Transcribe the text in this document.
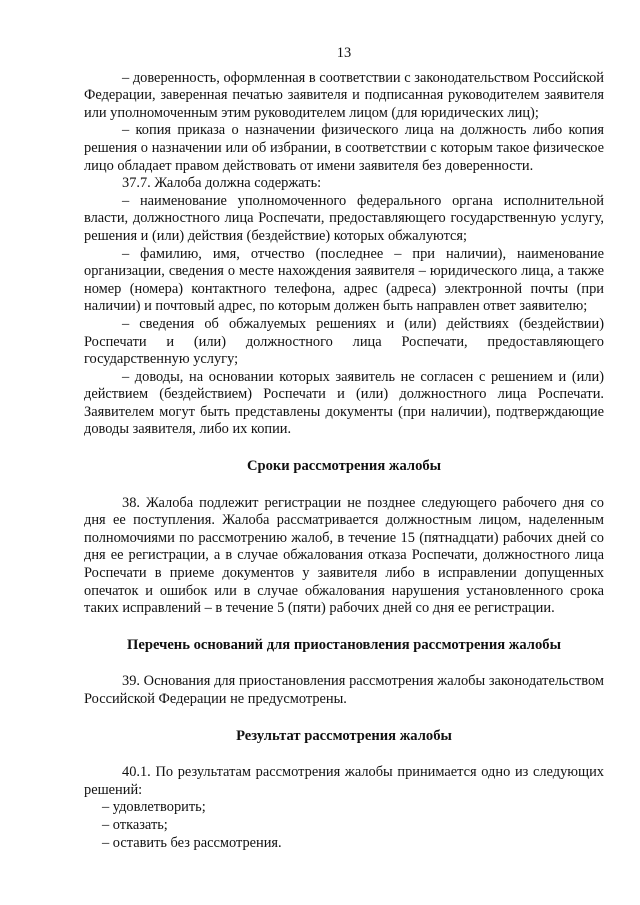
13

– доверенность, оформленная в соответствии с законодательством Российской Федерации, заверенная печатью заявителя и подписанная руководителем заявителя или уполномоченным этим руководителем лицом (для юридических лиц);

– копия приказа о назначении физического лица на должность либо копия решения о назначении или об избрании, в соответствии с которым такое физическое лицо обладает правом действовать от имени заявителя без доверенности.

37.7. Жалоба должна содержать:

– наименование уполномоченного федерального органа исполнительной власти, должностного лица Роспечати, предоставляющего государственную услугу, решения и (или) действия (бездействие) которых обжалуются;

– фамилию, имя, отчество (последнее – при наличии), наименование организации, сведения о месте нахождения заявителя – юридического лица, а также номер (номера) контактного телефона, адрес (адреса) электронной почты (при наличии) и почтовый адрес, по которым должен быть направлен ответ заявителю;

– сведения об обжалуемых решениях и (или) действиях (бездействии) Роспечати и (или) должностного лица Роспечати, предоставляющего государственную услугу;

– доводы, на основании которых заявитель не согласен с решением и (или) действием (бездействием) Роспечати и (или) должностного лица Роспечати. Заявителем могут быть представлены документы (при наличии), подтверждающие доводы заявителя, либо их копии.

Сроки рассмотрения жалобы

38. Жалоба подлежит регистрации не позднее следующего рабочего дня со дня ее поступления. Жалоба рассматривается должностным лицом, наделенным полномочиями по рассмотрению жалоб, в течение 15 (пятнадцати) рабочих дней со дня ее регистрации, а в случае обжалования отказа Роспечати, должностного лица Роспечати в приеме документов у заявителя либо в исправлении допущенных опечаток и ошибок или в случае обжалования нарушения установленного срока таких исправлений – в течение 5 (пяти) рабочих дней со дня ее регистрации.

Перечень оснований для приостановления рассмотрения жалобы

39. Основания для приостановления рассмотрения жалобы законодательством Российской Федерации не предусмотрены.

Результат рассмотрения жалобы

40.1. По результатам рассмотрения жалобы принимается одно из следующих решений:

– удовлетворить;

– отказать;

– оставить без рассмотрения.
